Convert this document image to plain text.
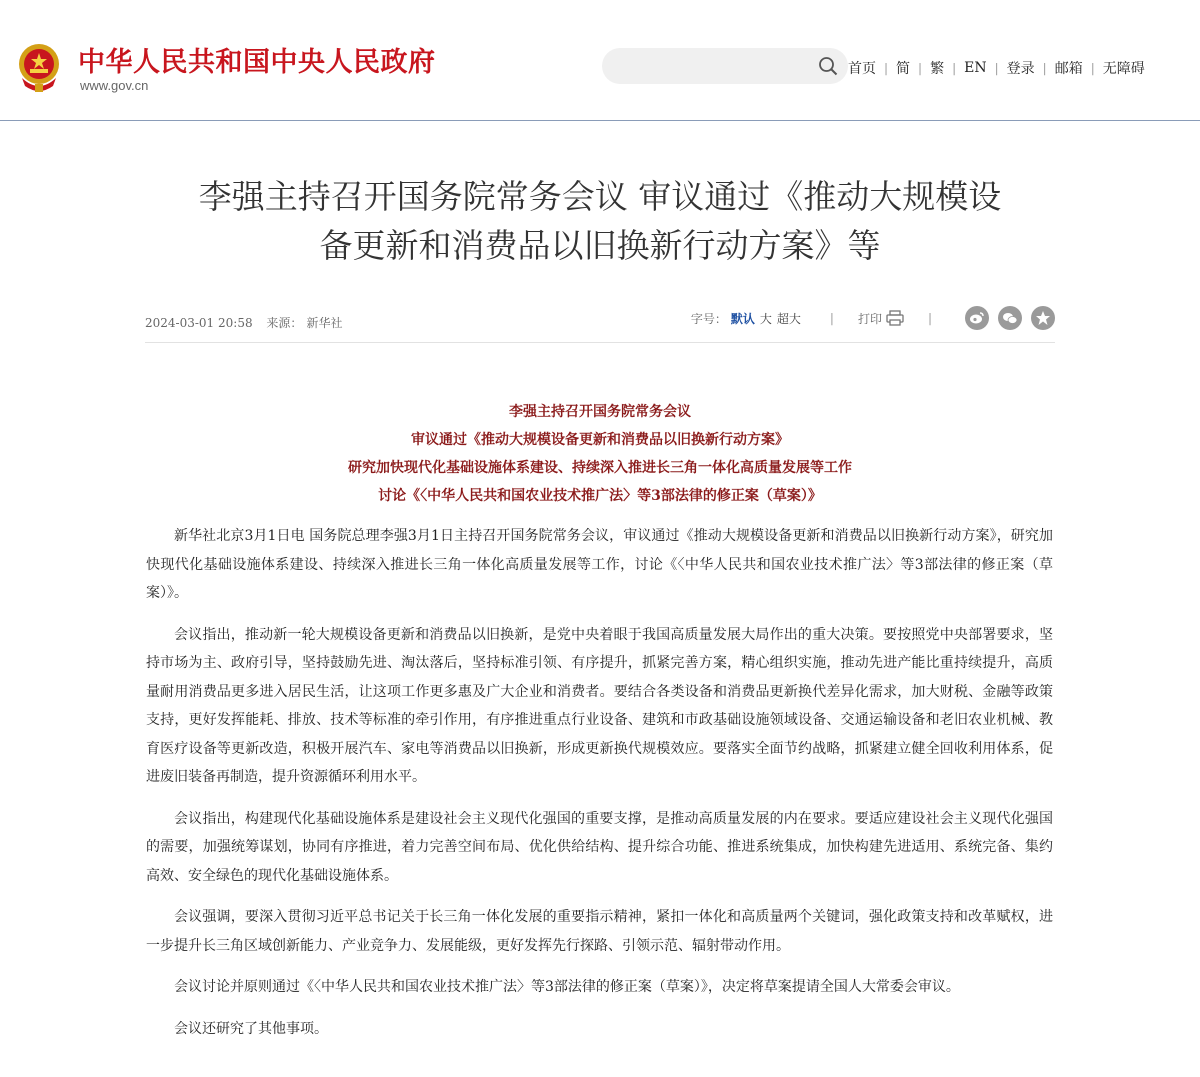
中华人民共和国中央人民政府
www.gov.cn
首页 | 简 | 繁 | EN | 登录 | 邮箱 | 无障碍
李强主持召开国务院常务会议 审议通过《推动大规模设
备更新和消费品以旧换新行动方案》等
2024-03-01 20:58 来源： 新华社	字号： 默认 大 超大 | 打印	|
李强主持召开国务院常务会议
审议通过《推动大规模设备更新和消费品以旧换新行动方案》
研究加快现代化基础设施体系建设、持续深入推进长三角一体化高质量发展等工作
讨论《〈中华人民共和国农业技术推广法〉等3部法律的修正案（草案）》

新华社北京3月1日电 国务院总理李强3月1日主持召开国务院常务会议，审议通过《推动大规模设备更新和消费品以旧换新行动方案》，研究加快现代化基础设施体系建设、持续深入推进长三角一体化高质量发展等工作，讨论《〈中华人民共和国农业技术推广法〉等3部法律的修正案（草案）》。

会议指出，推动新一轮大规模设备更新和消费品以旧换新，是党中央着眼于我国高质量发展大局作出的重大决策。要按照党中央部署要求，坚持市场为主、政府引导，坚持鼓励先进、淘汰落后，坚持标准引领、有序提升，抓紧完善方案，精心组织实施，推动先进产能比重持续提升，高质量耐用消费品更多进入居民生活，让这项工作更多惠及广大企业和消费者。要结合各类设备和消费品更新换代差异化需求，加大财税、金融等政策支持，更好发挥能耗、排放、技术等标准的牵引作用，有序推进重点行业设备、建筑和市政基础设施领域设备、交通运输设备和老旧农业机械、教育医疗设备等更新改造，积极开展汽车、家电等消费品以旧换新，形成更新换代规模效应。要落实全面节约战略，抓紧建立健全回收利用体系，促进废旧装备再制造，提升资源循环利用水平。

会议指出，构建现代化基础设施体系是建设社会主义现代化强国的重要支撑，是推动高质量发展的内在要求。要适应建设社会主义现代化强国的需要，加强统筹谋划，协同有序推进，着力完善空间布局、优化供给结构、提升综合功能、推进系统集成，加快构建先进适用、系统完备、集约高效、安全绿色的现代化基础设施体系。

会议强调，要深入贯彻习近平总书记关于长三角一体化发展的重要指示精神，紧扣一体化和高质量两个关键词，强化政策支持和改革赋权，进一步提升长三角区域创新能力、产业竞争力、发展能级，更好发挥先行探路、引领示范、辐射带动作用。

会议讨论并原则通过《〈中华人民共和国农业技术推广法〉等3部法律的修正案（草案）》，决定将草案提请全国人大常委会审议。

会议还研究了其他事项。
